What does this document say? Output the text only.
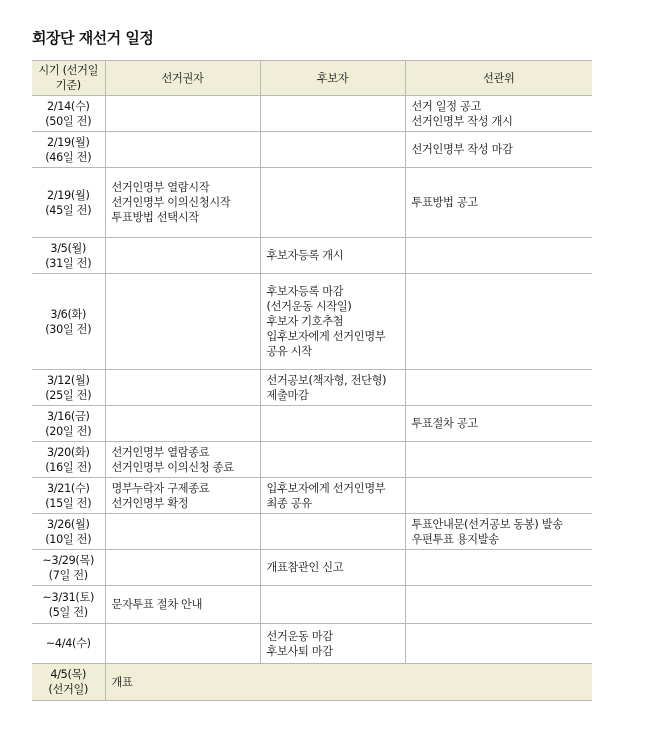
회장단 재선거 일정
시기 (선거일기준)	선거권자	후보자	선관위

2/14(수)
(50일 전)			선거 일정 공고
선거인명부 작성 개시

2/19(월)
(46일 전)			선거인명부 작성 마감

2/19(월)
(45일 전)	선거인명부 열람시작
선거인명부 이의신청시작
투표방법 선택시작		투표방법 공고

3/5(월)
(31일 전)		후보자등록 개시	

3/6(화)
(30일 전)		후보자등록 마감
(선거운동 시작일)
후보자 기호추첨
입후보자에게 선거인명부
공유 시작	

3/12(월)
(25일 전)		선거공보(책자형, 전단형)
제출마감	

3/16(금)
(20일 전)			투표절차 공고

3/20(화)
(16일 전)	선거인명부 열람종료
선거인명부 이의신청 종료		

3/21(수)
(15일 전)	명부누락자 구제종료
선거인명부 확정	입후보자에게 선거인명부
최종 공유	

3/26(월)
(10일 전)			투표안내문(선거공보 동봉) 발송
우편투표 용지발송

~3/29(목)
(7일 전)		개표참관인 신고	

~3/31(토)
(5일 전)	문자투표 절차 안내		

~4/4(수)		선거운동 마감
후보사퇴 마감	

4/5(목)
(선거일)	개표		
